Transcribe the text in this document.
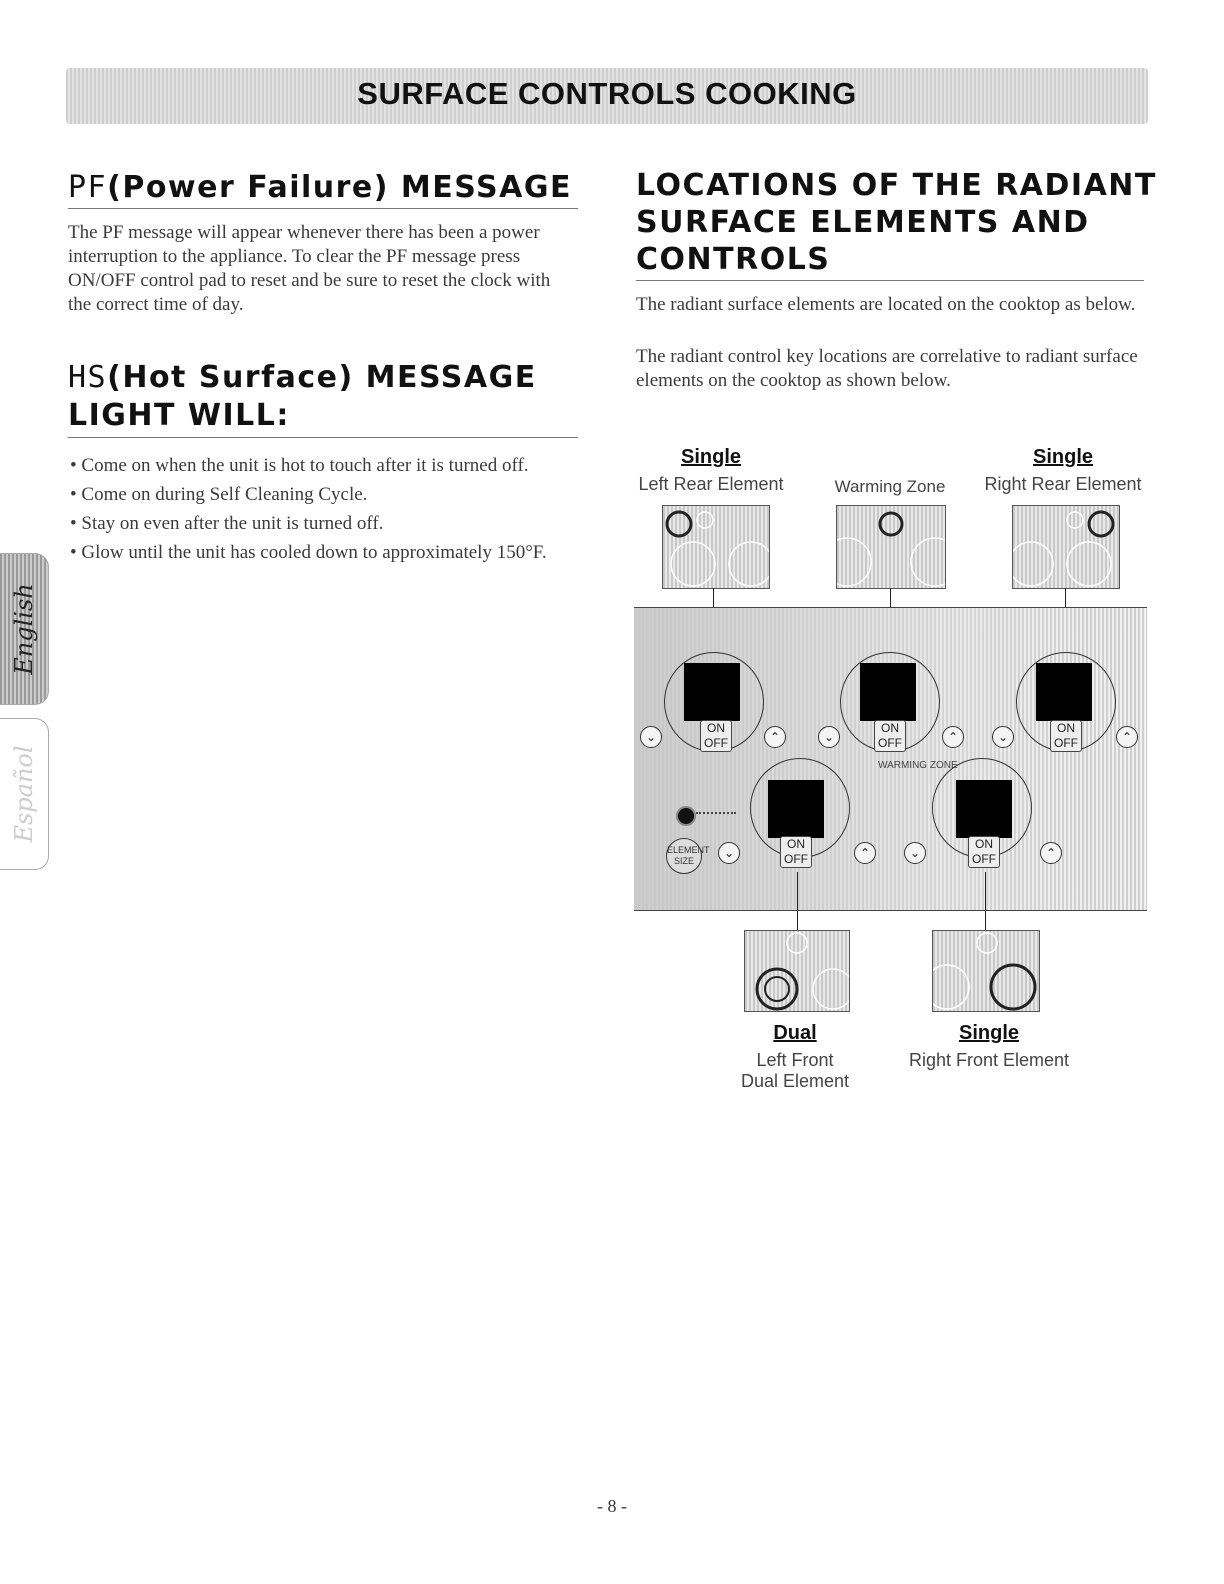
SURFACE CONTROLS COOKING
English
Español
PF(Power Failure) MESSAGE

The PF message will appear whenever there has been a power interruption to the appliance. To clear the PF message press ON/OFF control pad to reset and be sure to reset the clock with the correct time of day.

HS(Hot Surface) MESSAGE
LIGHT WILL:
• Come on when the unit is hot to touch after it is turned off.
• Come on during Self Cleaning Cycle.
• Stay on even after the unit is turned off.
• Glow until the unit has cooled down to approximately 150°F.
LOCATIONS OF THE RADIANT
SURFACE ELEMENTS AND
CONTROLS

The radiant surface elements are located on the cooktop as below.

The radiant control key locations are correlative to radiant surface elements on the cooktop as shown below.

Single
Left Rear Element	Warming Zone
Single
Right Rear Element
ON
OFF
⌄	⌃
ON
OFF
⌄	⌃
WARMING ZONE
ON
OFF
⌄	⌃
ON
OFF
⌄	⌃
ON
OFF
⌄	⌃
ELEMENT
SIZE
Dual
Left Front
Dual Element
Single
Right Front Element
- 8 -
